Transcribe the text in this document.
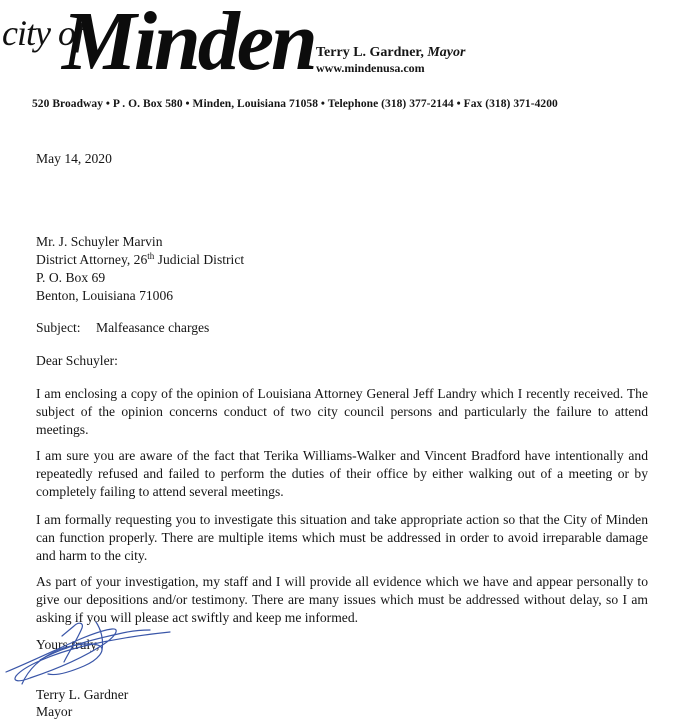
city of
Minden Terry L. Gardner, Mayor
www.mindenusa.com
520 Broadway • P . O. Box 580 • Minden, Louisiana 71058 • Telephone (318) 377-2144 • Fax (318) 371-4200
May 14, 2020
Mr. J. Schuyler Marvin
District Attorney, 26th Judicial District
P. O. Box 69
Benton, Louisiana 71006
Subject: Malfeasance charges
Dear Schuyler:

I am enclosing a copy of the opinion of Louisiana Attorney General Jeff Landry which I recently received. The subject of the opinion concerns conduct of two city council persons and particularly the failure to attend meetings.

I am sure you are aware of the fact that Terika Williams-Walker and Vincent Bradford have intentionally and repeatedly refused and failed to perform the duties of their office by either walking out of a meeting or by completely failing to attend several meetings.

I am formally requesting you to investigate this situation and take appropriate action so that the City of Minden can function properly. There are multiple items which must be addressed in order to avoid irreparable damage and harm to the city.

As part of your investigation, my staff and I will provide all evidence which we have and appear personally to give our depositions and/or testimony. There are many issues which must be addressed without delay, so I am asking if you will please act swiftly and keep me informed.

Yours truly,
Terry L. Gardner
Mayor
